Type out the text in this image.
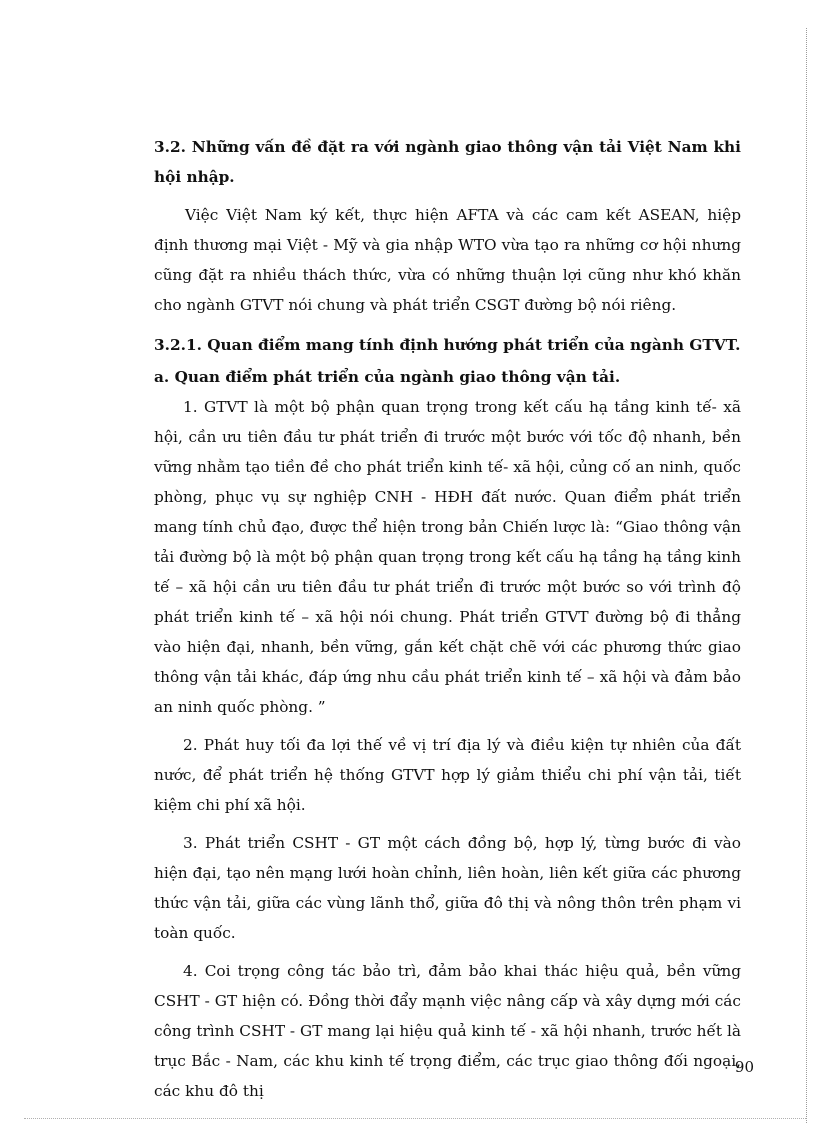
3.2. Những vấn đề đặt ra với ngành giao thông vận tải Việt Nam khi hội nhập.

Việc Việt Nam ký kết, thực hiện AFTA và các cam kết ASEAN, hiệp định thương mại Việt - Mỹ và gia nhập WTO vừa tạo ra những cơ hội nhưng cũng đặt ra nhiều thách thức, vừa có những thuận lợi cũng như khó khăn cho ngành GTVT nói chung và phát triển CSGT đường bộ nói riêng.

3.2.1. Quan điểm mang tính định hướng phát triển của ngành GTVT.

a. Quan điểm phát triển của ngành giao thông vận tải.

1. GTVT là một bộ phận quan trọng trong kết cấu hạ tầng kinh tế- xã hội, cần ưu tiên đầu tư phát triển đi trước một bước với tốc độ nhanh, bền vững nhằm tạo tiền đề cho phát triển kinh tế- xã hội, củng cố an ninh, quốc phòng, phục vụ sự nghiệp CNH - HĐH đất nước. Quan điểm phát triển mang tính chủ đạo, được thể hiện trong bản Chiến lược là: “Giao thông vận tải đường bộ là một bộ phận quan trọng trong kết cấu hạ tầng hạ tầng kinh tế – xã hội cần ưu tiên đầu tư phát triển đi trước một bước so với trình độ phát triển kinh tế – xã hội nói chung. Phát triển GTVT đường bộ đi thẳng vào hiện đại, nhanh, bền vững, gắn kết chặt chẽ với các phương thức giao thông vận tải khác, đáp ứng nhu cầu phát triển kinh tế – xã hội và đảm bảo an ninh quốc phòng. ”

2. Phát huy tối đa lợi thế về vị trí địa lý và điều kiện tự nhiên của đất nước, để phát triển hệ thống GTVT hợp lý giảm thiểu chi phí vận tải, tiết kiệm chi phí xã hội.

3. Phát triển CSHT - GT một cách đồng bộ, hợp lý, từng bước đi vào hiện đại, tạo nên mạng lưới hoàn chỉnh, liên hoàn, liên kết giữa các phương thức vận tải, giữa các vùng lãnh thổ, giữa đô thị và nông thôn trên phạm vi toàn quốc.

4. Coi trọng công tác bảo trì, đảm bảo khai thác hiệu quả, bền vững CSHT - GT hiện có. Đồng thời đẩy mạnh việc nâng cấp và xây dựng mới các công trình CSHT - GT mang lại hiệu quả kinh tế - xã hội nhanh, trước hết là trục Bắc - Nam, các khu kinh tế trọng điểm, các trục giao thông đối ngoại, các khu đô thị

90
